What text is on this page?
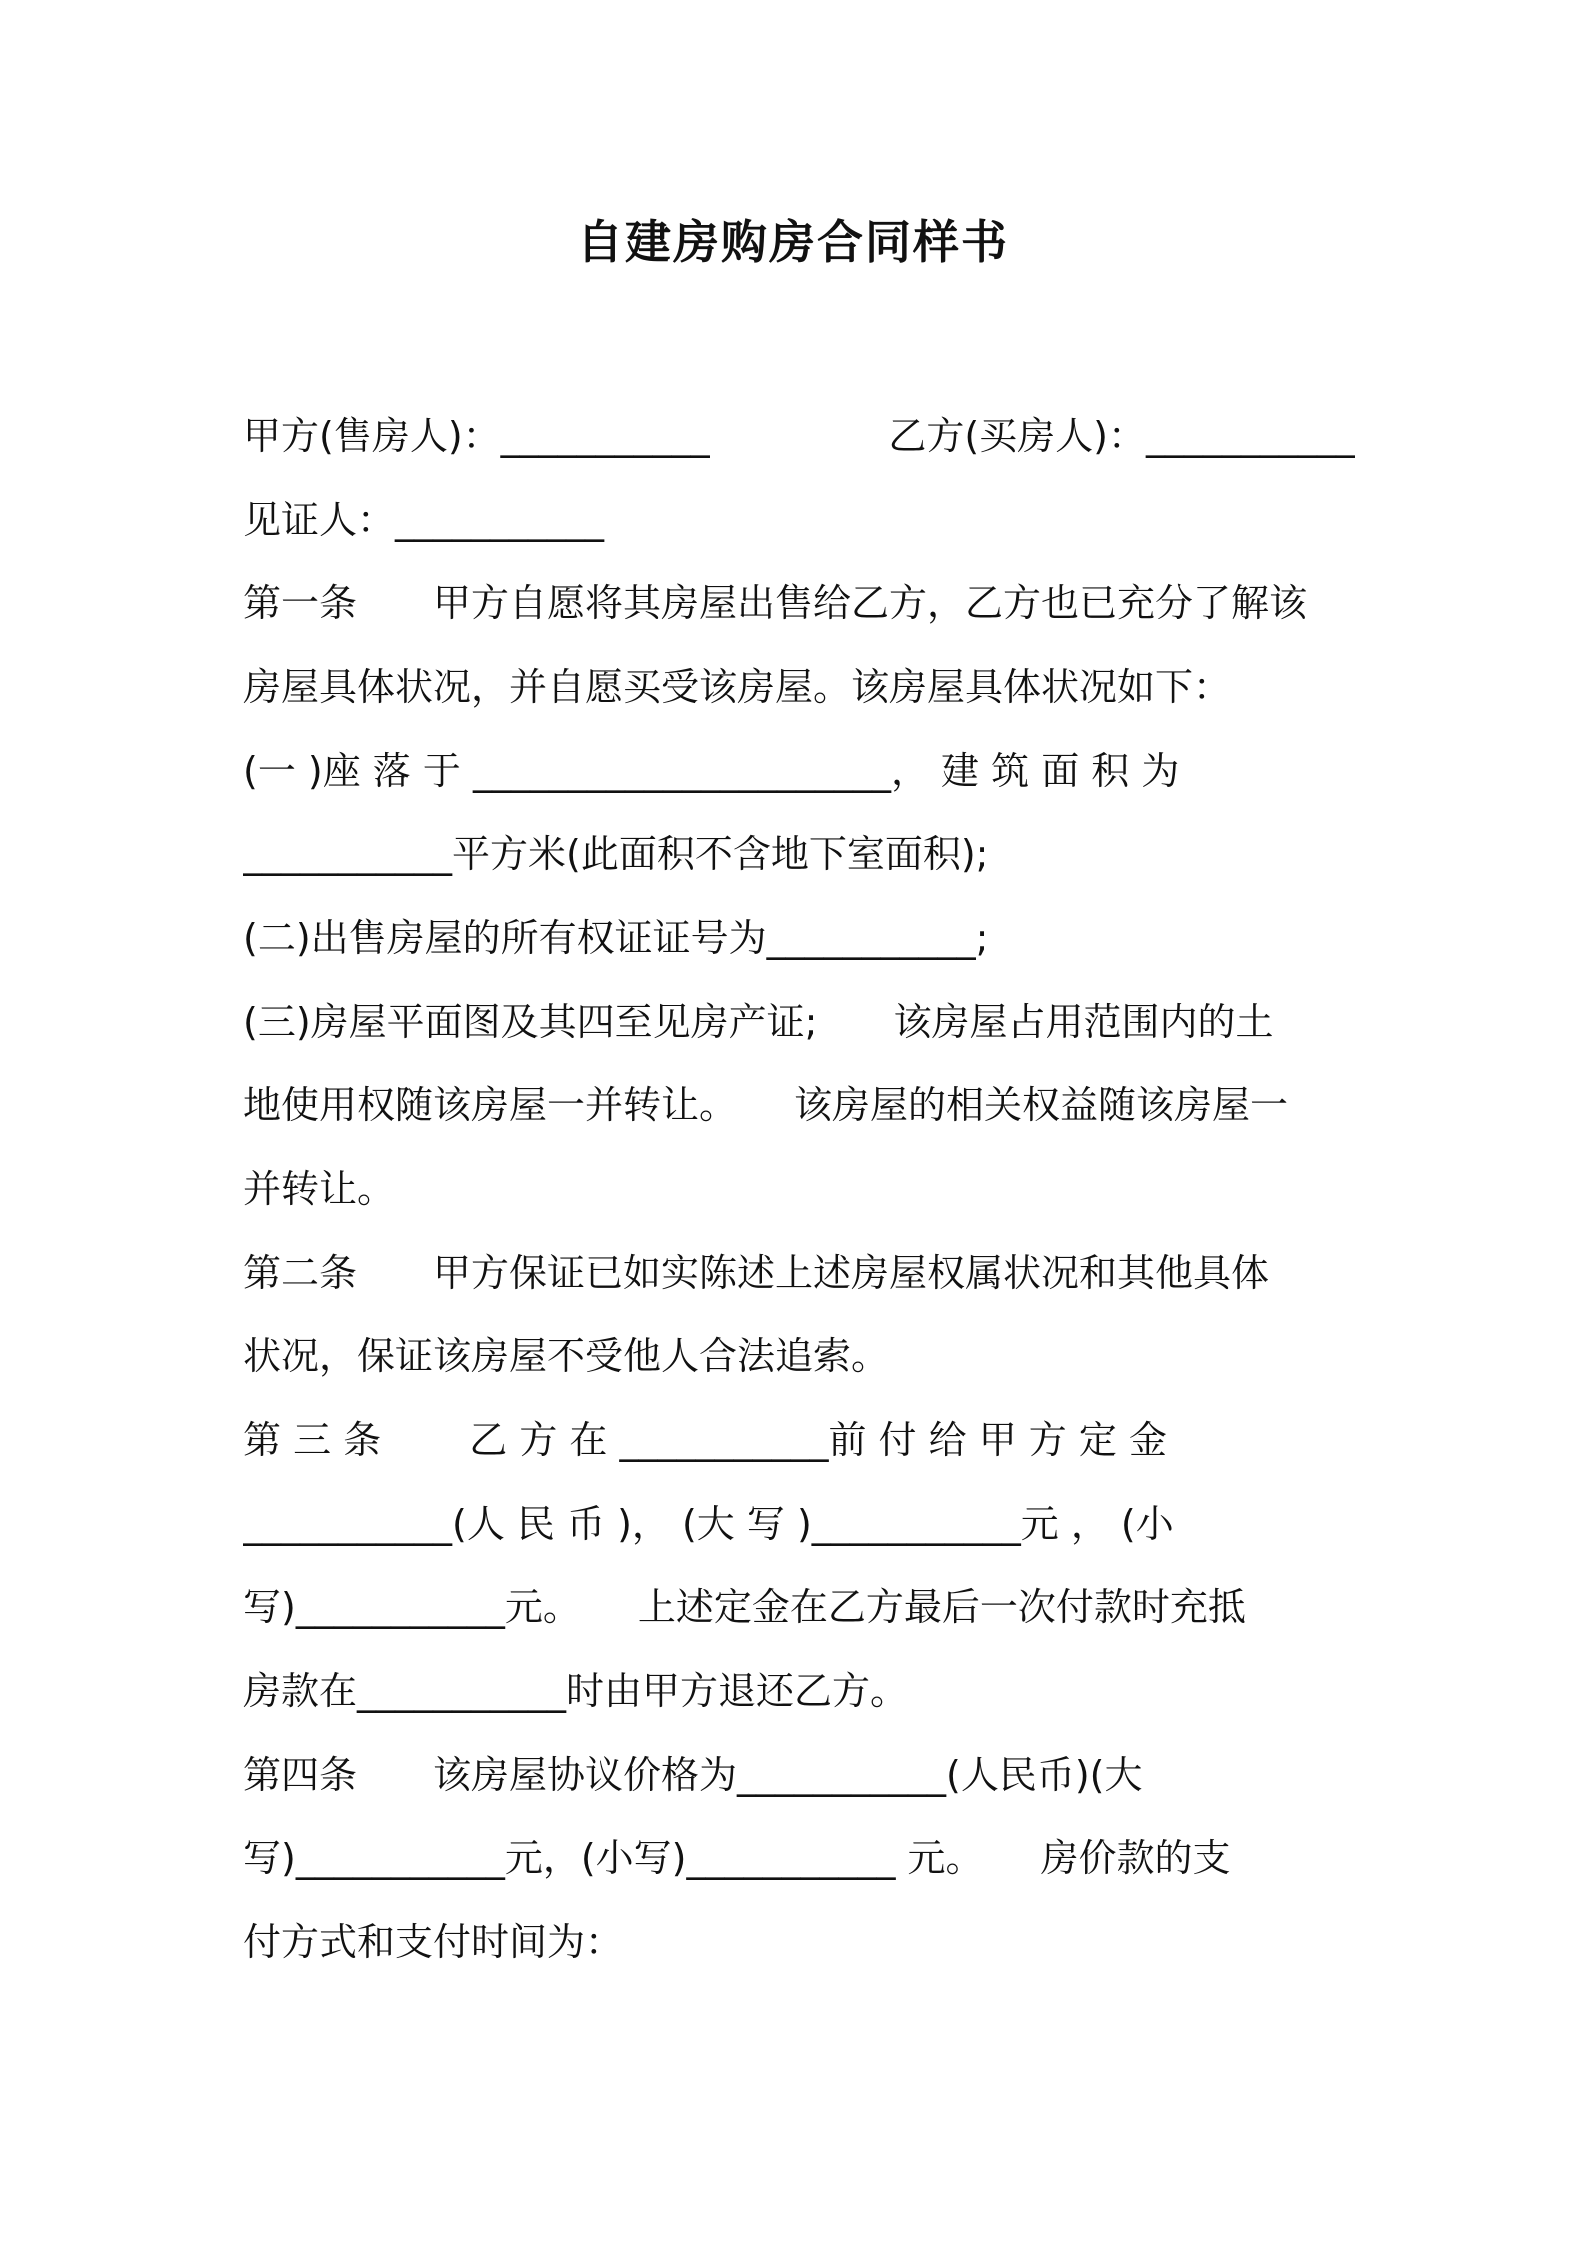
自建房购房合同样书
甲方(售房人)：___________	乙方(买房人)：___________
见证人：___________
第一条　　甲方自愿将其房屋出售给乙方，乙方也已充分了解该
房屋具体状况，并自愿买受该房屋。该房屋具体状况如下：
(一 )座 落 于 ______________________， 建 筑 面 积 为
___________平方米(此面积不含地下室面积);
(二)出售房屋的所有权证证号为___________;
(三)房屋平面图及其四至见房产证;　　该房屋占用范围内的土
地使用权随该房屋一并转让。　　该房屋的相关权益随该房屋一
并转让。
第二条　　甲方保证已如实陈述上述房屋权属状况和其他具体
状况，保证该房屋不受他人合法追索。
第 三 条 　　乙 方 在 ___________前 付 给 甲 方 定 金
___________(人 民 币 )， (大 写 )___________元 ， (小
写)___________元。　　上述定金在乙方最后一次付款时充抵
房款在___________时由甲方退还乙方。
第四条　　该房屋协议价格为___________(人民币)(大
写)___________元，(小写)___________ 元。　　房价款的支
付方式和支付时间为：
